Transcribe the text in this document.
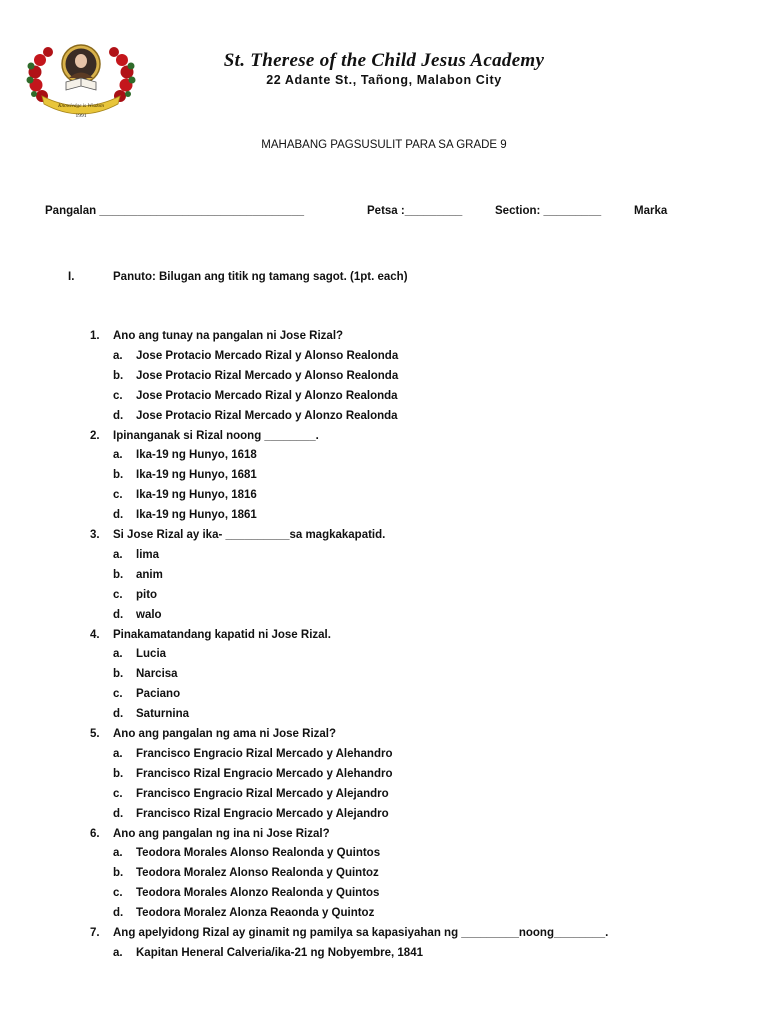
Knowledge is Wisdom
1991
St. Therese of the Child Jesus Academy
22 Adante St., Tañong, Malabon City
MAHABANG PAGSUSULIT PARA SA GRADE 9
Pangalan ________________________________	Petsa :_________	Section: _________	Marka
I.	Panuto: Bilugan ang titik ng tamang sagot. (1pt. each)
1. Ano ang tunay na pangalan ni Jose Rizal?
a. Jose Protacio Mercado Rizal y Alonso Realonda
b. Jose Protacio Rizal Mercado y Alonso Realonda
c. Jose Protacio Mercado Rizal y Alonzo Realonda
d. Jose Protacio Rizal Mercado y Alonzo Realonda
2. Ipinanganak si Rizal noong ________.
a. Ika-19 ng Hunyo, 1618
b. Ika-19 ng Hunyo, 1681
c. Ika-19 ng Hunyo, 1816
d. Ika-19 ng Hunyo, 1861
3. Si Jose Rizal ay ika- __________sa magkakapatid.
a. lima
b. anim
c. pito
d. walo
4. Pinakamatandang kapatid ni Jose Rizal.
a. Lucia
b. Narcisa
c. Paciano
d. Saturnina
5. Ano ang pangalan ng ama ni Jose Rizal?
a. Francisco Engracio Rizal Mercado y Alehandro
b. Francisco Rizal Engracio Mercado y Alehandro
c. Francisco Engracio Rizal Mercado y Alejandro
d. Francisco Rizal Engracio Mercado y Alejandro
6. Ano ang pangalan ng ina ni Jose Rizal?
a. Teodora Morales Alonso Realonda y Quintos
b. Teodora Moralez Alonso Realonda y Quintoz
c. Teodora Morales Alonzo Realonda y Quintos
d. Teodora Moralez Alonza Reaonda y Quintoz
7. Ang apelyidong Rizal ay ginamit ng pamilya sa kapasiyahan ng _________noong________.
a. Kapitan Heneral Calveria/ika-21 ng Nobyembre, 1841
